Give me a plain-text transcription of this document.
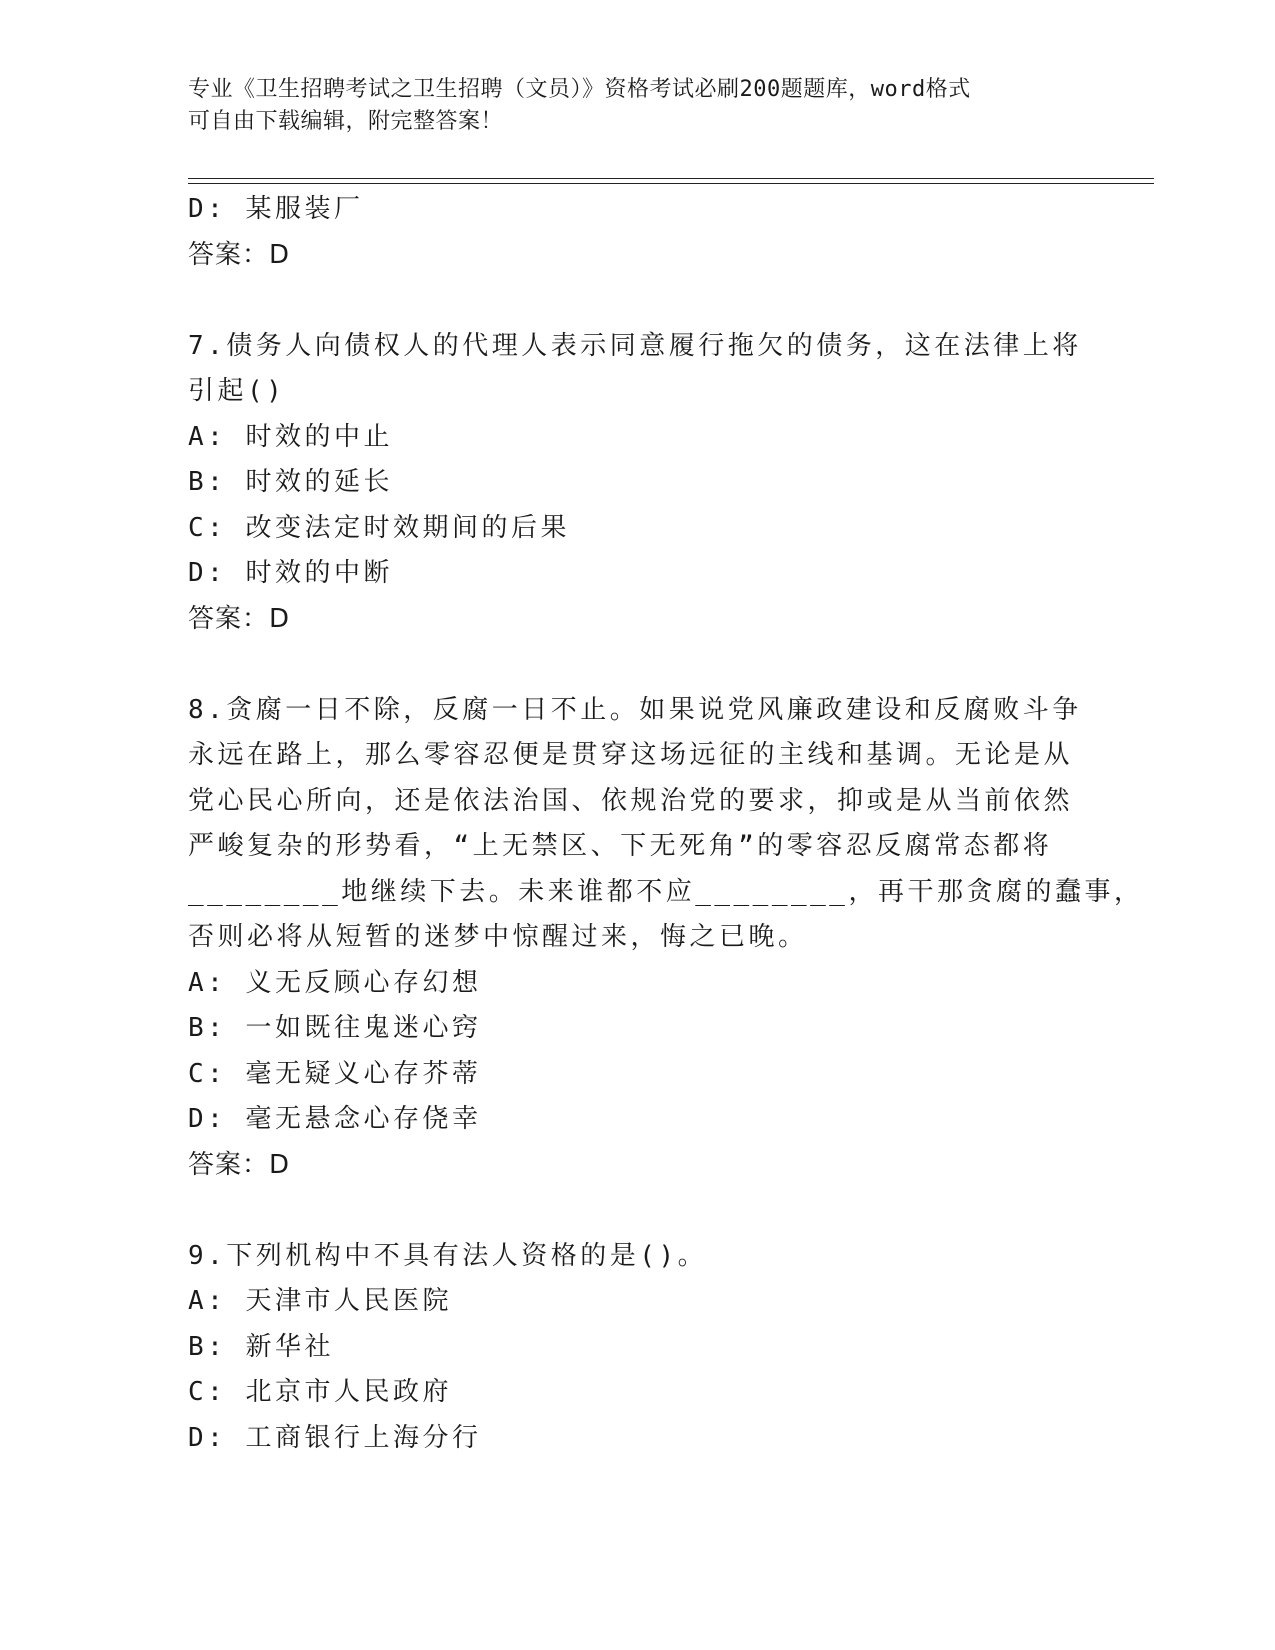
专业《卫生招聘考试之卫生招聘（文员）》资格考试必刷200题题库，word格式
可自由下载编辑，附完整答案！
D: 某服装厂
答案：D
7.债务人向债权人的代理人表示同意履行拖欠的债务，这在法律上将
引起()
A: 时效的中止
B: 时效的延长
C: 改变法定时效期间的后果
D: 时效的中断
答案：D
8.贪腐一日不除，反腐一日不止。如果说党风廉政建设和反腐败斗争
永远在路上，那么零容忍便是贯穿这场远征的主线和基调。无论是从
党心民心所向，还是依法治国、依规治党的要求，抑或是从当前依然
严峻复杂的形势看，“上无禁区、下无死角”的零容忍反腐常态都将
________地继续下去。未来谁都不应________，再干那贪腐的蠢事，
否则必将从短暂的迷梦中惊醒过来，悔之已晚。
A: 义无反顾心存幻想
B: 一如既往鬼迷心窍
C: 毫无疑义心存芥蒂
D: 毫无悬念心存侥幸
答案：D
9.下列机构中不具有法人资格的是()。
A: 天津市人民医院
B: 新华社
C: 北京市人民政府
D: 工商银行上海分行
